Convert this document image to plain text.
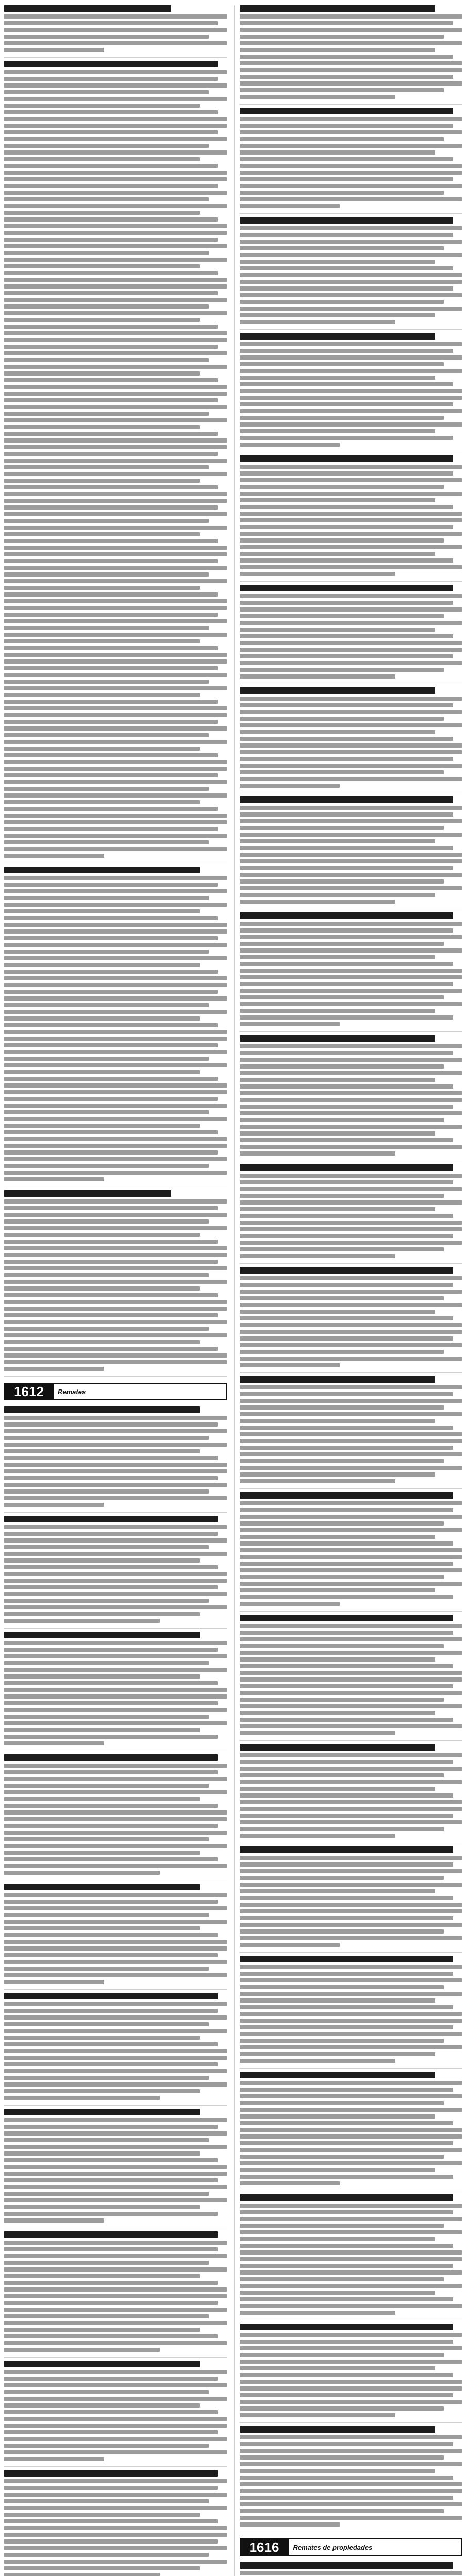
1612	Remates
1616	Remates de propiedades
